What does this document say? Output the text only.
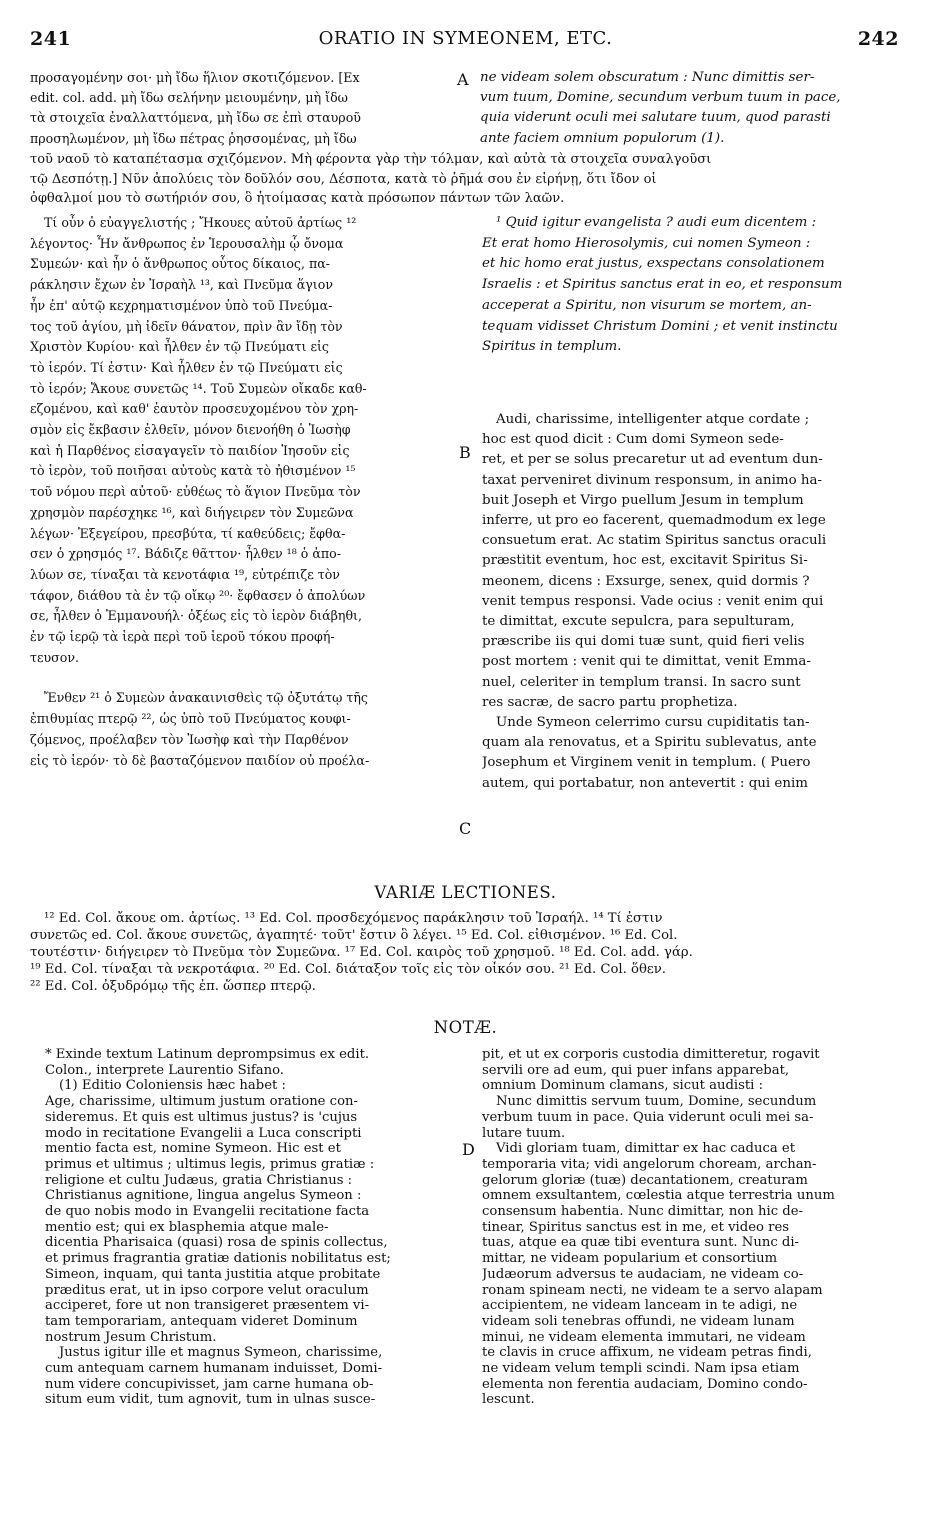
241	ORATIO IN SYMEONEM, ETC.	242
προσαγομένην σοι· μὴ ἴδω ἥλιον σκοτιζόμενον. [Ex
edit. col. add. μὴ ἴδω σελήνην μειουμένην, μὴ ἴδω
τὰ στοιχεῖα ἐναλλαττόμενα, μὴ ἴδω σε ἐπὶ σταυροῦ
προσηλωμένον, μὴ ἴδω πέτρας ῥησσομένας, μὴ ἴδω
A ne videam solem obscuratum : Nunc dimittis ser-
vum tuum, Domine, secundum verbum tuum in pace,
quia viderunt oculi mei salutare tuum, quod parasti
ante faciem omnium populorum (1).
τοῦ ναοῦ τὸ καταπέτασμα σχιζόμενον. Μὴ φέροντα γὰρ τὴν τόλμαν, καὶ αὐτὰ τὰ στοιχεῖα συναλγοῦσι
τῷ Δεσπότῃ.] Νῦν ἀπολύεις τὸν δοῦλόν σου, Δέσποτα, κατὰ τὸ ῥῆμά σου ἐν εἰρήνῃ, ὅτι ἴδον οἱ
ὀφθαλμοί μου τὸ σωτήριόν σου, ὃ ἡτοίμασας κατὰ πρόσωπον πάντων τῶν λαῶν.
Τί οὖν ὁ εὐαγγελιστής ; Ἤκουες αὐτοῦ ἀρτίως ¹²
λέγοντος· Ἦν ἄνθρωπος ἐν Ἱερουσαλὴμ ᾧ ὄνομα
Συμεών· καὶ ἦν ὁ ἄνθρωπος οὗτος δίκαιος, πα-
ράκλησιν ἔχων ἐν Ἰσραὴλ ¹³, καὶ Πνεῦμα ἅγιον
ἦν ἐπ' αὐτῷ κεχρηματισμένον ὑπὸ τοῦ Πνεύμα-
τος τοῦ ἁγίου, μὴ ἰδεῖν θάνατον, πρὶν ἂν ἴδῃ τὸν
Χριστὸν Κυρίου· καὶ ἦλθεν ἐν τῷ Πνεύματι εἰς
τὸ ἱερόν. Τί ἐστιν· Καὶ ἦλθεν ἐν τῷ Πνεύματι εἰς
τὸ ἱερόν; Ἄκουε συνετῶς ¹⁴. Τοῦ Συμεὼν οἴκαδε καθ-
εζομένου, καὶ καθ' ἑαυτὸν προσευχομένου τὸν χρη-
σμὸν εἰς ἔκβασιν ἐλθεῖν, μόνον διενοήθη ὁ Ἰωσὴφ
καὶ ἡ Παρθένος εἰσαγαγεῖν τὸ παιδίον Ἰησοῦν εἰς
τὸ ἱερὸν, τοῦ ποιῆσαι αὐτοὺς κατὰ τὸ ἠθισμένον ¹⁵
τοῦ νόμου περὶ αὐτοῦ· εὐθέως τὸ ἅγιον Πνεῦμα τὸν
χρησμὸν παρέσχηκε ¹⁶, καὶ διήγειρεν τὸν Συμεῶνα
λέγων· Ἐξεγείρου, πρεσβύτα, τί καθεύδεις; ἔφθα-
σεν ὁ χρησμός ¹⁷. Βάδιζε θᾶττον· ἦλθεν ¹⁸ ὁ ἀπο-
λύων σε, τίναξαι τὰ κενοτάφια ¹⁹, εὐτρέπιζε τὸν
τάφον, διάθου τὰ ἐν τῷ οἴκῳ ²⁰· ἔφθασεν ὁ ἀπολύων
σε, ἦλθεν ὁ Ἐμμανουήλ· ὀξέως εἰς τὸ ἱερὸν διάβηθι,
ἐν τῷ ἱερῷ τὰ ἱερὰ περὶ τοῦ ἱεροῦ τόκου προφή-
τευσον.
Ἔνθεν ²¹ ὁ Συμεὼν ἀνακαινισθεὶς τῷ ὀξυτάτῳ τῆς
ἐπιθυμίας πτερῷ ²², ὡς ὑπὸ τοῦ Πνεύματος κουφι-
ζόμενος, προέλαβεν τὸν Ἰωσὴφ καὶ τὴν Παρθένον
εἰς τὸ ἱερόν· τὸ δὲ βασταζόμενον παιδίον οὐ προέλα-
B
C
¹ Quid igitur evangelista ? audi eum dicentem :
Et erat homo Hierosolymis, cui nomen Symeon :
et hic homo erat justus, exspectans consolationem
Israelis : et Spiritus sanctus erat in eo, et responsum
acceperat a Spiritu, non visurum se mortem, an-
tequam vidisset Christum Domini ; et venit instinctu
Spiritus in templum.
Audi, charissime, intelligenter atque cordate ;
hoc est quod dicit : Cum domi Symeon sede-
ret, et per se solus precaretur ut ad eventum dun-
taxat perveniret divinum responsum, in animo ha-
buit Joseph et Virgo puellum Jesum in templum
inferre, ut pro eo facerent, quemadmodum ex lege
consuetum erat. Ac statim Spiritus sanctus oraculi
præstitit eventum, hoc est, excitavit Spiritus Si-
meonem, dicens : Exsurge, senex, quid dormis ?
venit tempus responsi. Vade ocius : venit enim qui
te dimittat, excute sepulcra, para sepulturam,
præscribe iis qui domi tuæ sunt, quid fieri velis
post mortem : venit qui te dimittat, venit Emma-
nuel, celeriter in templum transi. In sacro sunt
res sacræ, de sacro partu prophetiza.
Unde Symeon celerrimo cursu cupiditatis tan-
quam ala renovatus, et a Spiritu sublevatus, ante
Josephum et Virginem venit in templum. ( Puero
autem, qui portabatur, non antevertit : qui enim
VARIÆ LECTIONES.
¹² Ed. Col. ἄκουε om. ἀρτίως. ¹³ Ed. Col. προσδεχόμενος παράκλησιν τοῦ Ἰσραήλ. ¹⁴ Τί ἐστιν
συνετῶς ed. Col. ἄκουε συνετῶς, ἀγαπητέ· τοῦτ' ἔστιν ὃ λέγει. ¹⁵ Ed. Col. εἰθισμένον. ¹⁶ Ed. Col.
τουτέστιν· διήγειρεν τὸ Πνεῦμα τὸν Συμεῶνα. ¹⁷ Ed. Col. καιρὸς τοῦ χρησμοῦ. ¹⁸ Ed. Col. add. γάρ.
¹⁹ Ed. Col. τίναξαι τὰ νεκροτάφια. ²⁰ Ed. Col. διάταξον τοῖς εἰς τὸν οἶκόν σου. ²¹ Ed. Col. ὅθεν.
²² Ed. Col. ὀξυδρόμῳ τῆς ἐπ. ὥσπερ πτερῷ.
NOTÆ.
* Exinde textum Latinum deprompsimus ex edit.
Colon., interprete Laurentio Sifano.
(1) Editio Coloniensis hæc habet :
Age, charissime, ultimum justum oratione con-
sideremus. Et quis est ultimus justus? is 'cujus
modo in recitatione Evangelii a Luca conscripti
mentio facta est, nomine Symeon. Hic est et
primus et ultimus ; ultimus legis, primus gratiæ :
religione et cultu Judæus, gratia Christianus :
Christianus agnitione, lingua angelus Symeon :
de quo nobis modo in Evangelii recitatione facta
mentio est; qui ex blasphemia atque male-
dicentia Pharisaica (quasi) rosa de spinis collectus,
et primus fragrantia gratiæ dationis nobilitatus est;
Simeon, inquam, qui tanta justitia atque probitate
præditus erat, ut in ipso corpore velut oraculum
acciperet, fore ut non transigeret præsentem vi-
tam temporariam, antequam videret Dominum
nostrum Jesum Christum.
Justus igitur ille et magnus Symeon, charissime,
cum antequam carnem humanam induisset, Domi-
num videre concupivisset, jam carne humana ob-
situm eum vidit, tum agnovit, tum in ulnas susce-
D
pit, et ut ex corporis custodia dimitteretur, rogavit
servili ore ad eum, qui puer infans apparebat,
omnium Dominum clamans, sicut audisti :
Nunc dimittis servum tuum, Domine, secundum
verbum tuum in pace. Quia viderunt oculi mei sa-
lutare tuum.
Vidi gloriam tuam, dimittar ex hac caduca et
temporaria vita; vidi angelorum choream, archan-
gelorum gloriæ (tuæ) decantationem, creaturam
omnem exsultantem, cœlestia atque terrestria unum
consensum habentia. Nunc dimittar, non hic de-
tinear, Spiritus sanctus est in me, et video res
tuas, atque ea quæ tibi eventura sunt. Nunc di-
mittar, ne videam popularium et consortium
Judæorum adversus te audaciam, ne videam co-
ronam spineam necti, ne videam te a servo alapam
accipientem, ne videam lanceam in te adigi, ne
videam soli tenebras offundi, ne videam lunam
minui, ne videam elementa immutari, ne videam
te clavis in cruce affixum, ne videam petras findi,
ne videam velum templi scindi. Nam ipsa etiam
elementa non ferentia audaciam, Domino condo-
lescunt.
